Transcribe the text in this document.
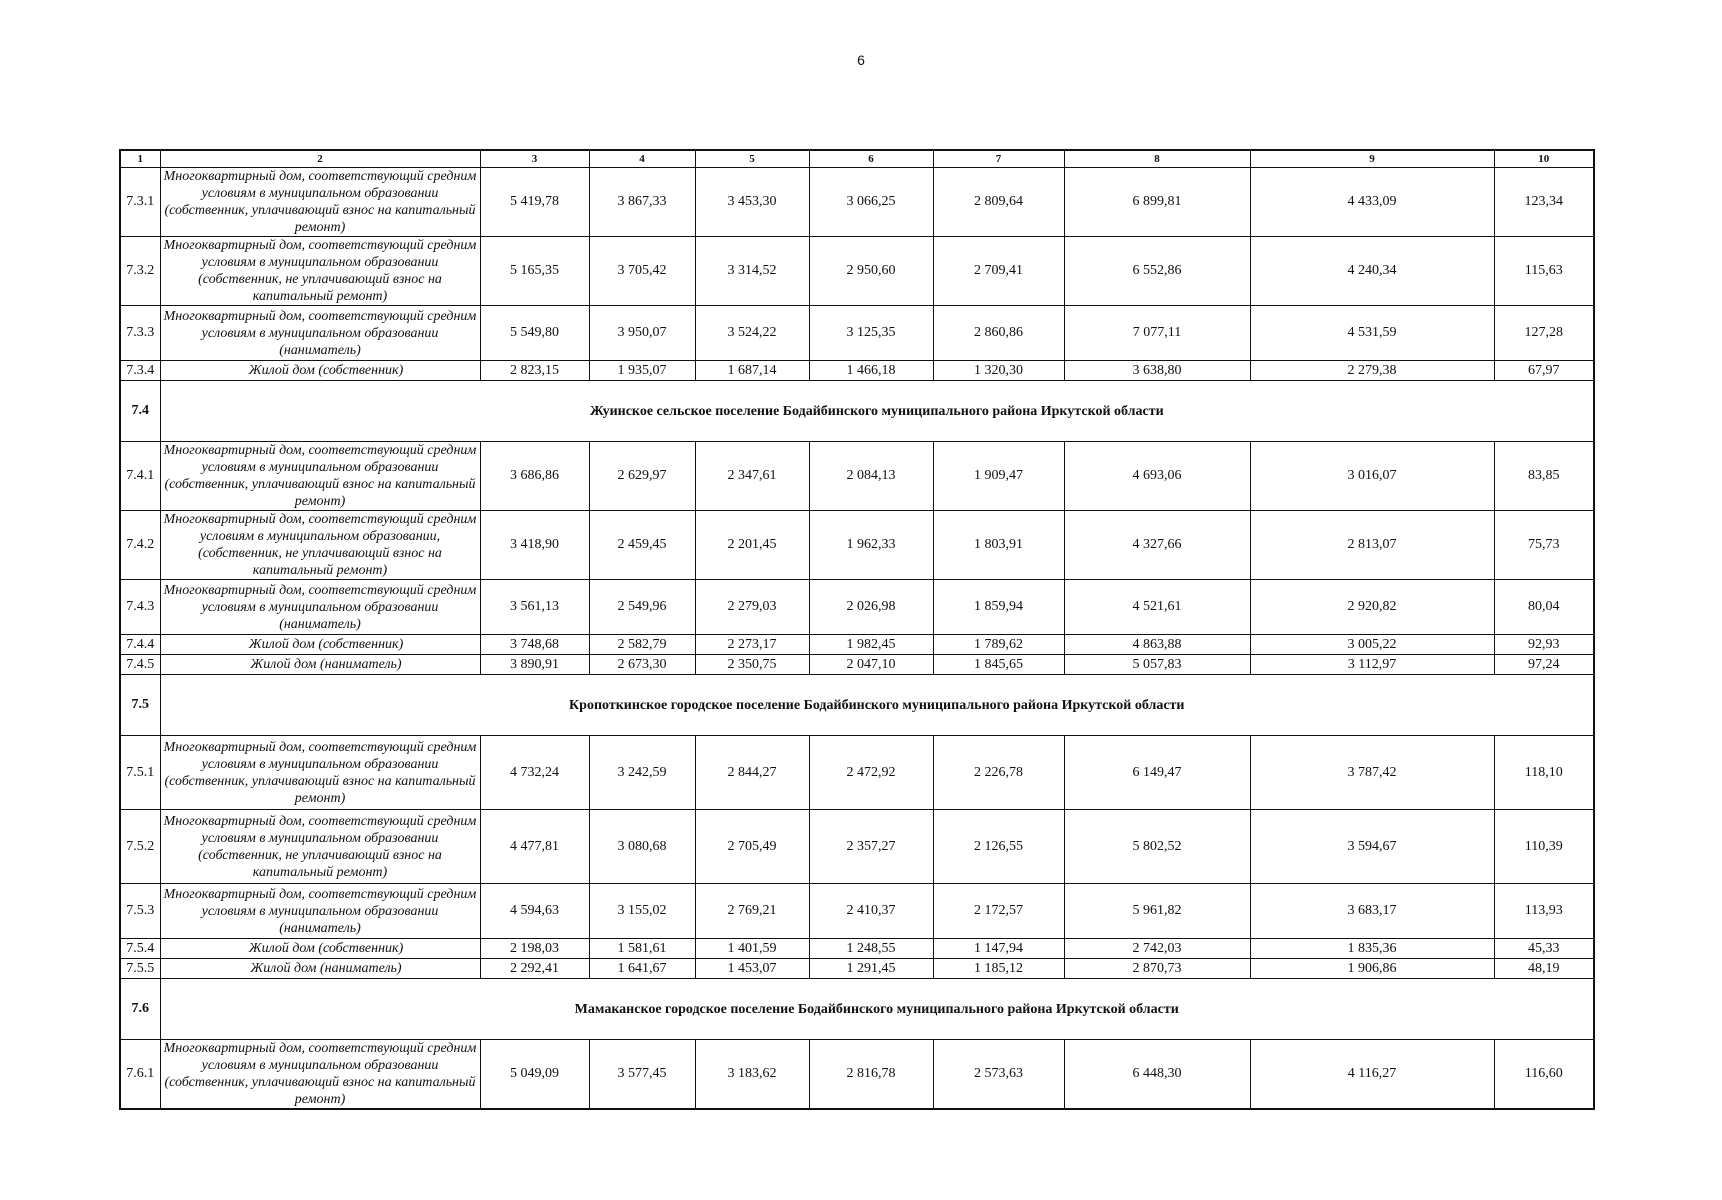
6
1	2	3	4	5	6	7	8	9	10
7.3.1	Многоквартирный дом, соответствующий средним условиям в муниципальном образовании (собственник, уплачивающий взнос на капитальный ремонт)	5 419,78	3 867,33	3 453,30	3 066,25	2 809,64	6 899,81	4 433,09	123,34
7.3.2	Многоквартирный дом, соответствующий средним условиям в муниципальном образовании (собственник, не уплачивающий взнос на капитальный ремонт)	5 165,35	3 705,42	3 314,52	2 950,60	2 709,41	6 552,86	4 240,34	115,63
7.3.3	Многоквартирный дом, соответствующий средним условиям в муниципальном образовании (наниматель)	5 549,80	3 950,07	3 524,22	3 125,35	2 860,86	7 077,11	4 531,59	127,28
7.3.4	Жилой дом (собственник)	2 823,15	1 935,07	1 687,14	1 466,18	1 320,30	3 638,80	2 279,38	67,97
7.4	Жуинское сельское поселение Бодайбинского муниципального района Иркутской области								
7.4.1	Многоквартирный дом, соответствующий средним условиям в муниципальном образовании (собственник, уплачивающий взнос на капитальный ремонт)	3 686,86	2 629,97	2 347,61	2 084,13	1 909,47	4 693,06	3 016,07	83,85
7.4.2	Многоквартирный дом, соответствующий средним условиям в муниципальном образовании, (собственник, не уплачивающий взнос на капитальный ремонт)	3 418,90	2 459,45	2 201,45	1 962,33	1 803,91	4 327,66	2 813,07	75,73
7.4.3	Многоквартирный дом, соответствующий средним условиям в муниципальном образовании (наниматель)	3 561,13	2 549,96	2 279,03	2 026,98	1 859,94	4 521,61	2 920,82	80,04
7.4.4	Жилой дом (собственник)	3 748,68	2 582,79	2 273,17	1 982,45	1 789,62	4 863,88	3 005,22	92,93
7.4.5	Жилой дом (наниматель)	3 890,91	2 673,30	2 350,75	2 047,10	1 845,65	5 057,83	3 112,97	97,24
7.5	Кропоткинское городское поселение Бодайбинского муниципального района Иркутской области								
7.5.1	Многоквартирный дом, соответствующий средним условиям в муниципальном образовании (собственник, уплачивающий взнос на капитальный ремонт)	4 732,24	3 242,59	2 844,27	2 472,92	2 226,78	6 149,47	3 787,42	118,10
7.5.2	Многоквартирный дом, соответствующий средним условиям в муниципальном образовании (собственник, не уплачивающий взнос на капитальный ремонт)	4 477,81	3 080,68	2 705,49	2 357,27	2 126,55	5 802,52	3 594,67	110,39
7.5.3	Многоквартирный дом, соответствующий средним условиям в муниципальном образовании (наниматель)	4 594,63	3 155,02	2 769,21	2 410,37	2 172,57	5 961,82	3 683,17	113,93
7.5.4	Жилой дом (собственник)	2 198,03	1 581,61	1 401,59	1 248,55	1 147,94	2 742,03	1 835,36	45,33
7.5.5	Жилой дом (наниматель)	2 292,41	1 641,67	1 453,07	1 291,45	1 185,12	2 870,73	1 906,86	48,19
7.6	Мамаканское городское поселение Бодайбинского муниципального района Иркутской области								
7.6.1	Многоквартирный дом, соответствующий средним условиям в муниципальном образовании (собственник, уплачивающий взнос на капитальный ремонт)	5 049,09	3 577,45	3 183,62	2 816,78	2 573,63	6 448,30	4 116,27	116,60
